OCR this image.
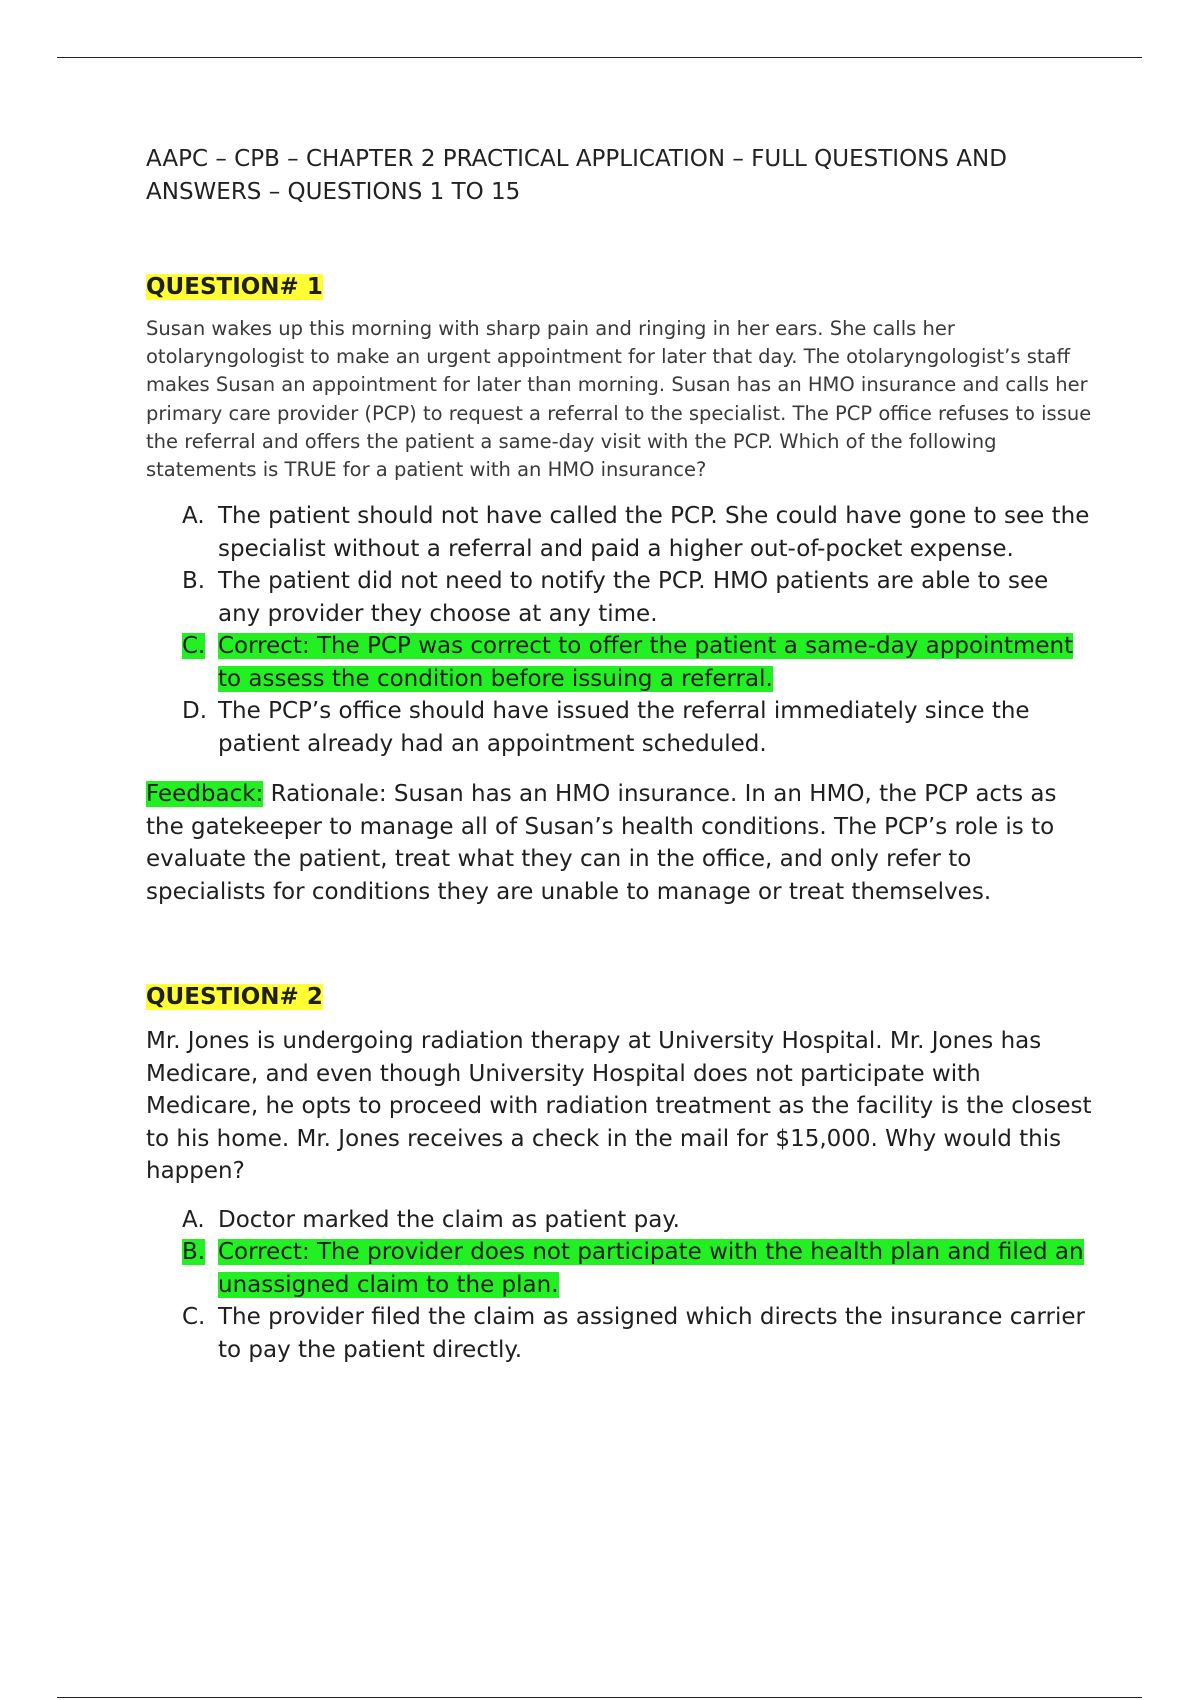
AAPC – CPB – CHAPTER 2 PRACTICAL APPLICATION – FULL QUESTIONS AND ANSWERS – QUESTIONS 1 TO 15

QUESTION# 1

Susan wakes up this morning with sharp pain and ringing in her ears. She calls her otolaryngologist to make an urgent appointment for later that day. The otolaryngologist’s staff makes Susan an appointment for later than morning. Susan has an HMO insurance and calls her primary care provider (PCP) to request a referral to the specialist. The PCP office refuses to issue the referral and offers the patient a same-day visit with the PCP. Which of the following statements is TRUE for a patient with an HMO insurance?

A. The patient should not have called the PCP. She could have gone to see the specialist without a referral and paid a higher out-of-pocket expense.
B. The patient did not need to notify the PCP. HMO patients are able to see any provider they choose at any time.
C. Correct: The PCP was correct to offer the patient a same-day appointment to assess the condition before issuing a referral.
D. The PCP’s office should have issued the referral immediately since the patient already had an appointment scheduled.

Feedback: Rationale: Susan has an HMO insurance. In an HMO, the PCP acts as the gatekeeper to manage all of Susan’s health conditions. The PCP’s role is to evaluate the patient, treat what they can in the office, and only refer to specialists for conditions they are unable to manage or treat themselves.

QUESTION# 2

Mr. Jones is undergoing radiation therapy at University Hospital. Mr. Jones has Medicare, and even though University Hospital does not participate with Medicare, he opts to proceed with radiation treatment as the facility is the closest to his home. Mr. Jones receives a check in the mail for $15,000. Why would this happen?

A. Doctor marked the claim as patient pay.
B. Correct: The provider does not participate with the health plan and filed an unassigned claim to the plan.
C. The provider filed the claim as assigned which directs the insurance carrier to pay the patient directly.
